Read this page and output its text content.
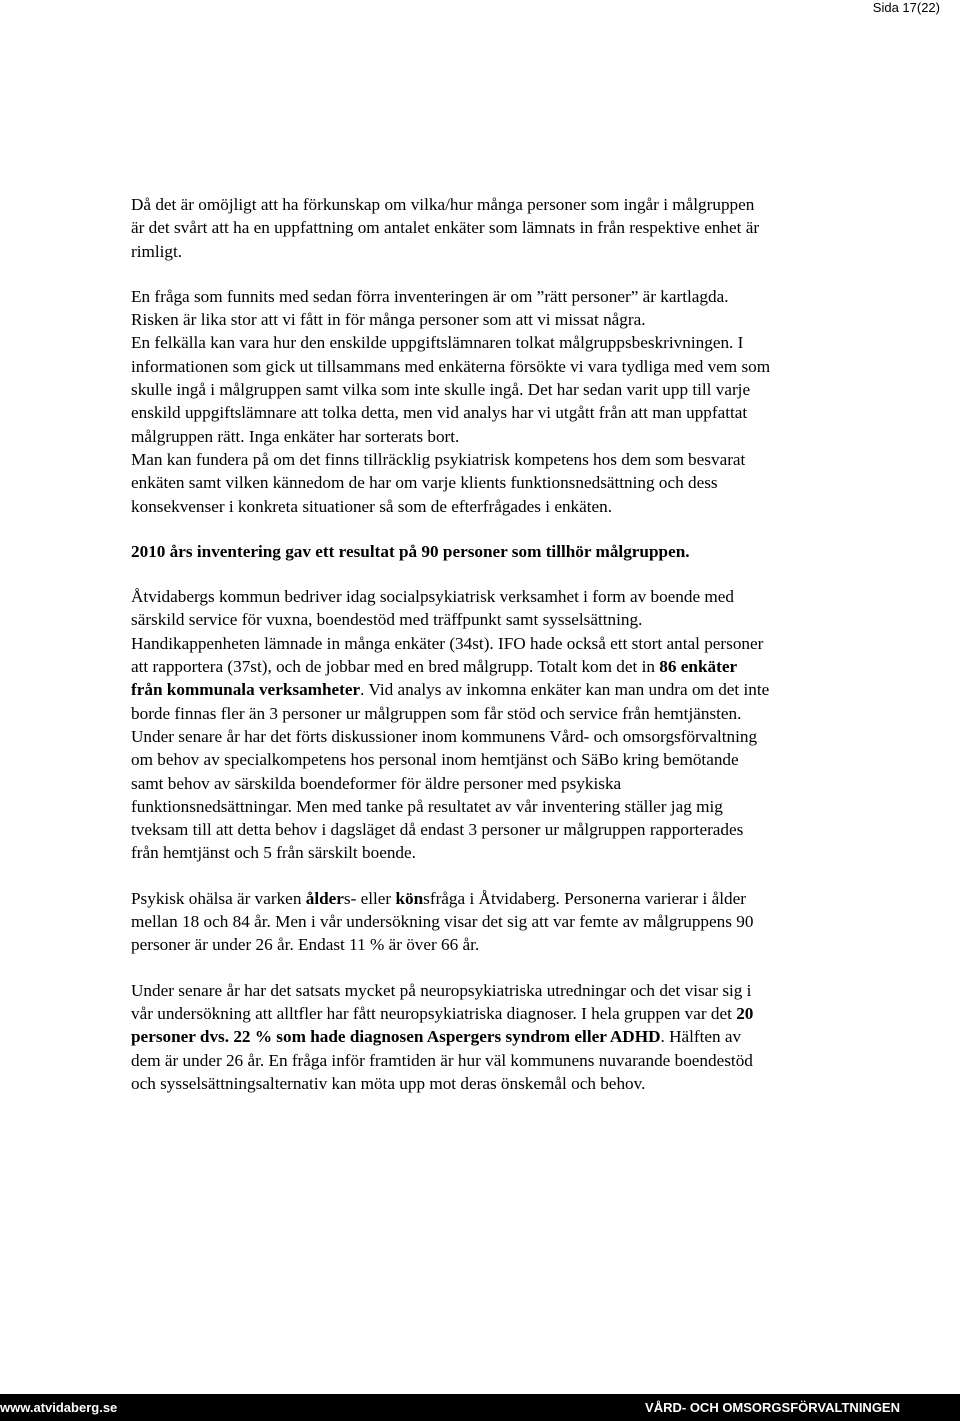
Sida 17(22)

Då det är omöjligt att ha förkunskap om vilka/hur många personer som ingår i målgruppen är det svårt att ha en uppfattning om antalet enkäter som lämnats in från respektive enhet är rimligt.

En fråga som funnits med sedan förra inventeringen är om ”rätt personer” är kartlagda. Risken är lika stor att vi fått in för många personer som att vi missat några.

En felkälla kan vara hur den enskilde uppgiftslämnaren tolkat målgruppsbeskrivningen. I informationen som gick ut tillsammans med enkäterna försökte vi vara tydliga med vem som skulle ingå i målgruppen samt vilka som inte skulle ingå. Det har sedan varit upp till varje enskild uppgiftslämnare att tolka detta, men vid analys har vi utgått från att man uppfattat målgruppen rätt. Inga enkäter har sorterats bort.

Man kan fundera på om det finns tillräcklig psykiatrisk kompetens hos dem som besvarat enkäten samt vilken kännedom de har om varje klients funktionsnedsättning och dess konsekvenser i konkreta situationer så som de efterfrågades i enkäten.

2010 års inventering gav ett resultat på 90 personer som tillhör målgruppen.

Åtvidabergs kommun bedriver idag socialpsykiatrisk verksamhet i form av boende med särskild service för vuxna, boendestöd med träffpunkt samt sysselsättning. Handikappenheten lämnade in många enkäter (34st). IFO hade också ett stort antal personer att rapportera (37st), och de jobbar med en bred målgrupp. Totalt kom det in 86 enkäter från kommunala verksamheter. Vid analys av inkomna enkäter kan man undra om det inte borde finnas fler än 3 personer ur målgruppen som får stöd och service från hemtjänsten. Under senare år har det förts diskussioner inom kommunens Vård- och omsorgsförvaltning om behov av specialkompetens hos personal inom hemtjänst och SäBo kring bemötande samt behov av särskilda boendeformer för äldre personer med psykiska funktionsnedsättningar. Men med tanke på resultatet av vår inventering ställer jag mig tveksam till att detta behov i dagsläget då endast 3 personer ur målgruppen rapporterades från hemtjänst och 5 från särskilt boende.

Psykisk ohälsa är varken ålders- eller könsfråga i Åtvidaberg. Personerna varierar i ålder mellan 18 och 84 år. Men i vår undersökning visar det sig att var femte av målgruppens 90 personer är under 26 år. Endast 11 % är över 66 år.

Under senare år har det satsats mycket på neuropsykiatriska utredningar och det visar sig i vår undersökning att alltfler har fått neuropsykiatriska diagnoser. I hela gruppen var det 20 personer dvs. 22 % som hade diagnosen Aspergers syndrom eller ADHD. Hälften av dem är under 26 år. En fråga inför framtiden är hur väl kommunens nuvarande boendestöd och sysselsättningsalternativ kan möta upp mot deras önskemål och behov.

www.atvidaberg.se	VÅRD- OCH OMSORGSFÖRVALTNINGEN
